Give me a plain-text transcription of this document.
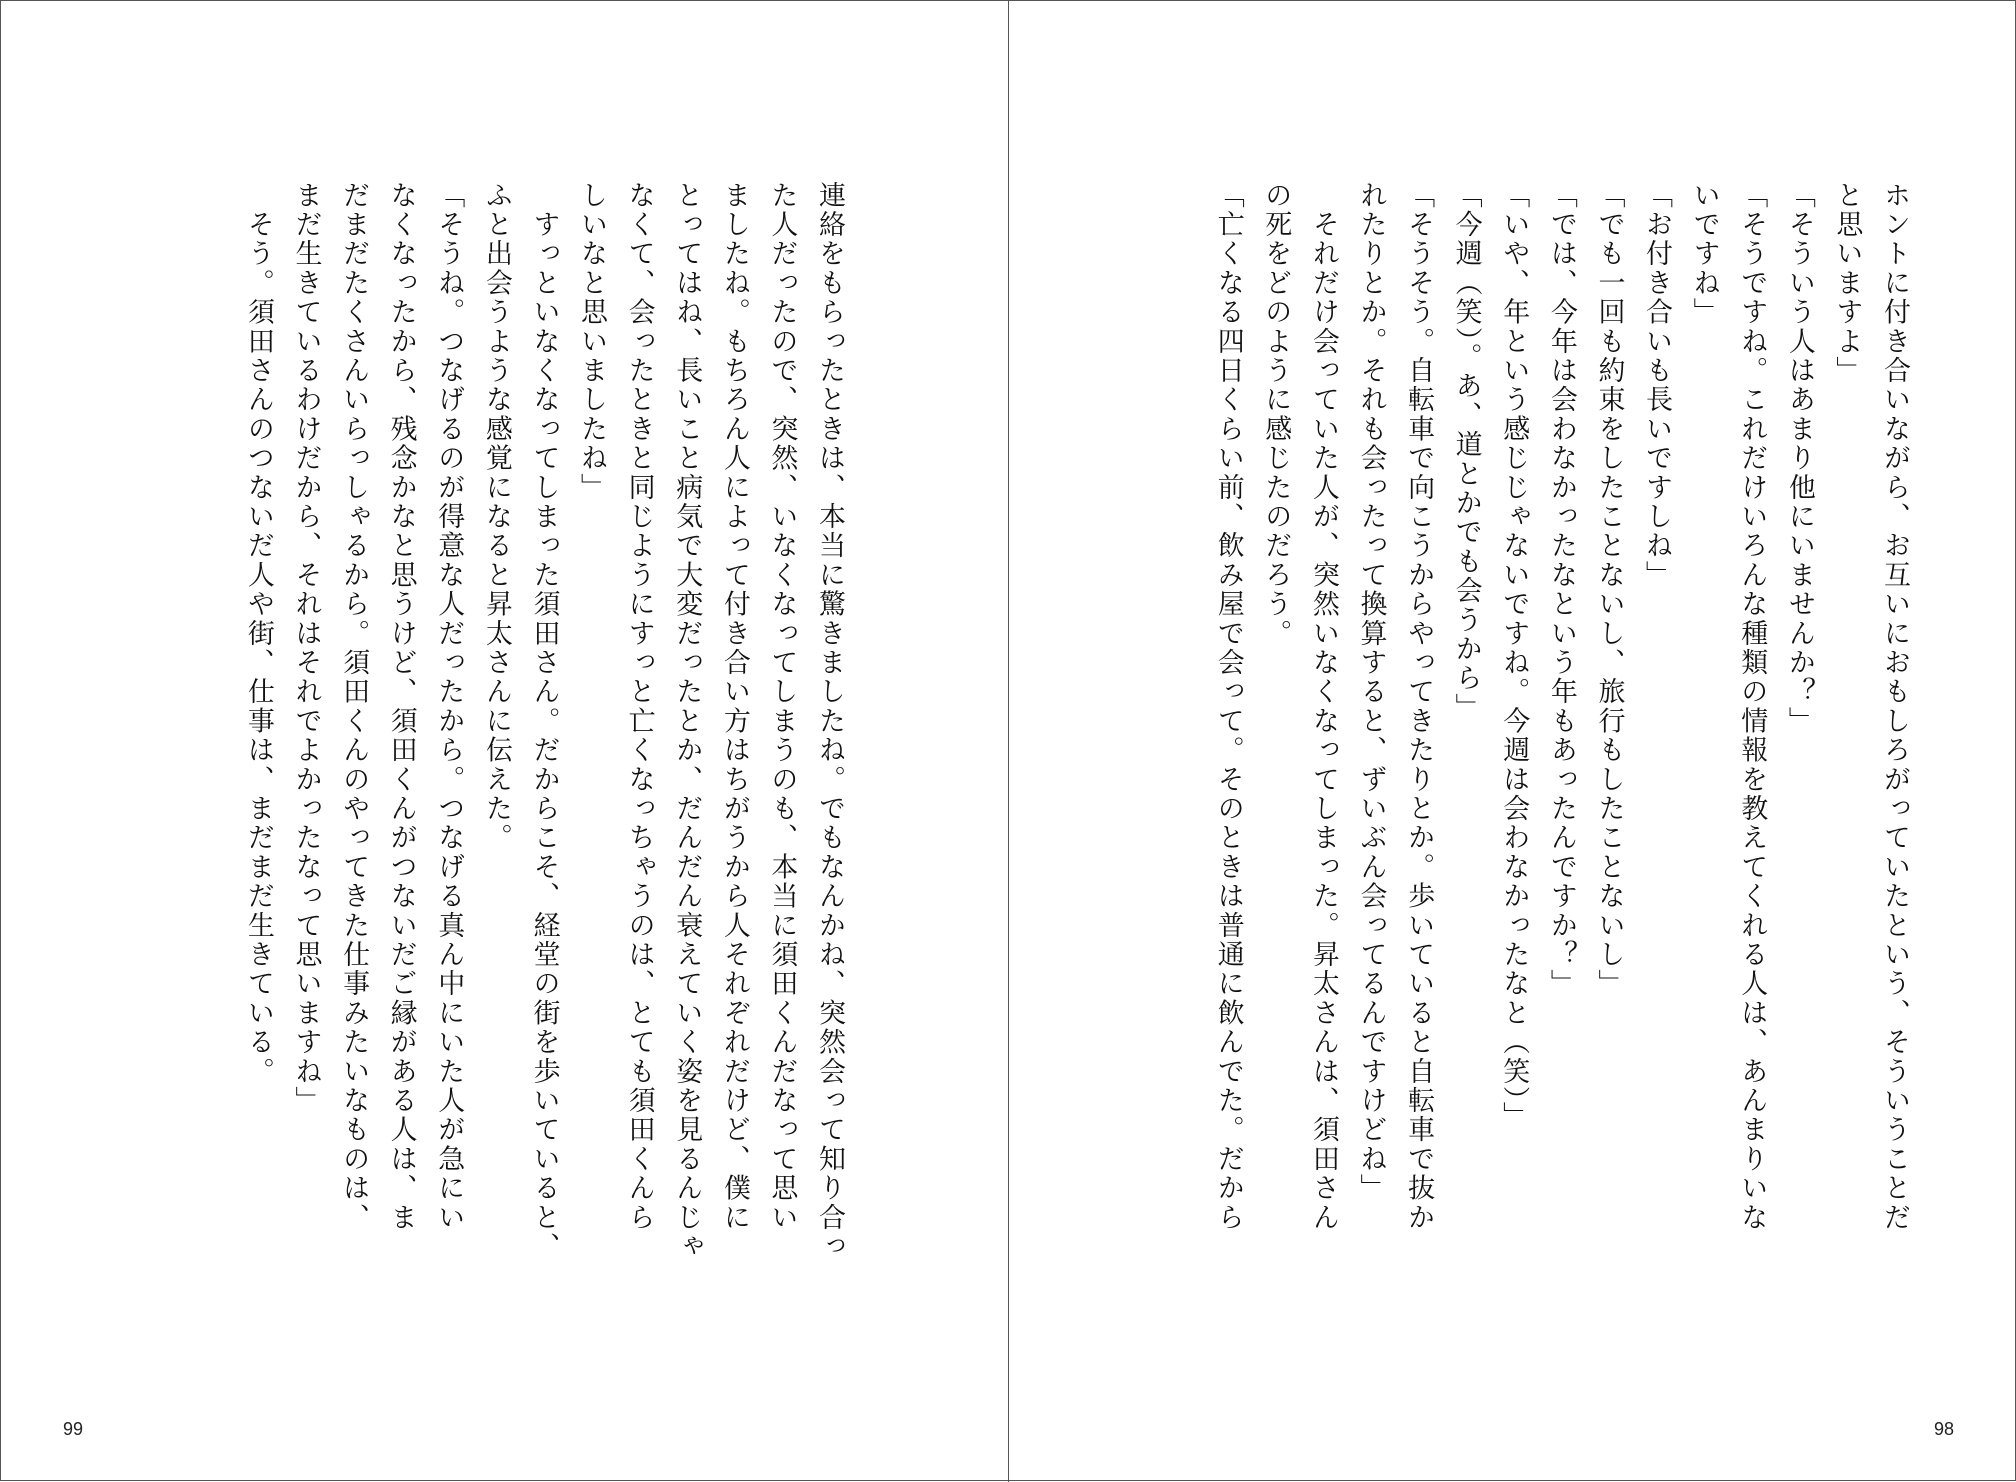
ホントに付き合いながら、お互いにおもしろがっていたという、そういうことだ
と思いますよ」
「そういう人はあまり他にいませんか？」
「そうですね。これだけいろんな種類の情報を教えてくれる人は、あんまりいな
いですね」
「お付き合いも長いですしね」
「でも一回も約束をしたことないし、旅行もしたことないし」
「では、今年は会わなかったなという年もあったんですか？」
「いや、年という感じじゃないですね。今週は会わなかったなと（笑）」
「今週（笑）。あ、道とかでも会うから」
「そうそう。自転車で向こうからやってきたりとか。歩いていると自転車で抜か
れたりとか。それも会ったって換算すると、ずいぶん会ってるんですけどね」
　それだけ会っていた人が、突然いなくなってしまった。昇太さんは、須田さん
の死をどのように感じたのだろう。
「亡くなる四日くらい前、飲み屋で会って。そのときは普通に飲んでた。だから
98
連絡をもらったときは、本当に驚きましたね。でもなんかね、突然会って知り合っ
た人だったので、突然、いなくなってしまうのも、本当に須田くんだなって思い
ましたね。もちろん人によって付き合い方はちがうから人それぞれだけど、僕に
とってはね、長いこと病気で大変だったとか、だんだん衰えていく姿を見るんじゃ
なくて、会ったときと同じようにすっと亡くなっちゃうのは、とても須田くんら
しいなと思いましたね」
　すっといなくなってしまった須田さん。だからこそ、経堂の街を歩いていると、
ふと出会うような感覚になると昇太さんに伝えた。
「そうね。つなげるのが得意な人だったから。つなげる真ん中にいた人が急にい
なくなったから、残念かなと思うけど、須田くんがつないだご縁がある人は、ま
だまだたくさんいらっしゃるから。須田くんのやってきた仕事みたいなものは、
まだ生きているわけだから、それはそれでよかったなって思いますね」
　そう。須田さんのつないだ人や街、仕事は、まだまだ生きている。
99
